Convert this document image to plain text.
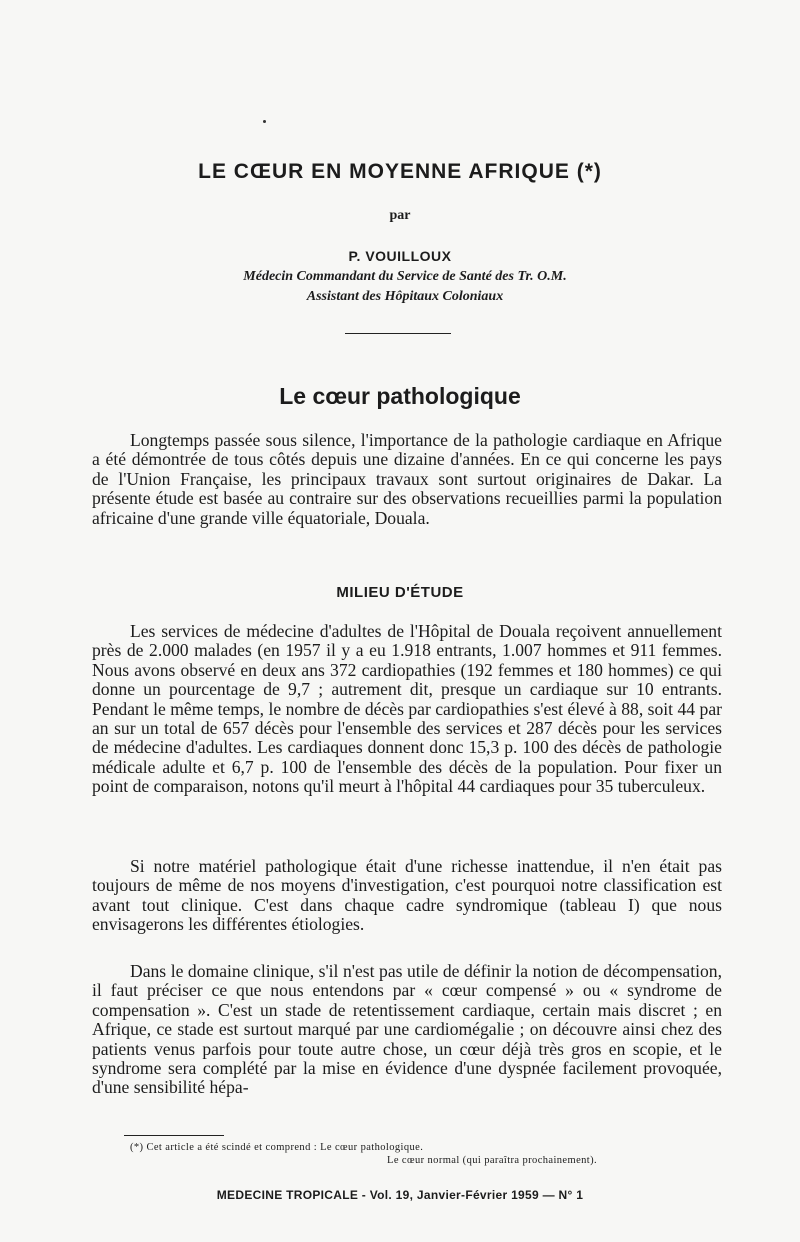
LE CŒUR EN MOYENNE AFRIQUE (*)
par
P. VOUILLOUX
Médecin Commandant du Service de Santé des Tr. O.M.
Assistant des Hôpitaux Coloniaux
Le cœur pathologique

Longtemps passée sous silence, l'importance de la pathologie cardiaque en Afrique a été démontrée de tous côtés depuis une dizaine d'années. En ce qui concerne les pays de l'Union Française, les principaux travaux sont surtout originaires de Dakar. La présente étude est basée au contraire sur des observations recueillies parmi la population africaine d'une grande ville équatoriale, Douala.

MILIEU D'ÉTUDE

Les services de médecine d'adultes de l'Hôpital de Douala reçoivent annuellement près de 2.000 malades (en 1957 il y a eu 1.918 entrants, 1.007 hommes et 911 femmes. Nous avons observé en deux ans 372 cardiopathies (192 femmes et 180 hommes) ce qui donne un pourcentage de 9,7 ; autrement dit, presque un cardiaque sur 10 entrants. Pendant le même temps, le nombre de décès par cardiopathies s'est élevé à 88, soit 44 par an sur un total de 657 décès pour l'ensemble des services et 287 décès pour les services de médecine d'adultes. Les cardiaques donnent donc 15,3 p. 100 des décès de pathologie médicale adulte et 6,7 p. 100 de l'ensemble des décès de la population. Pour fixer un point de comparaison, notons qu'il meurt à l'hôpital 44 cardiaques pour 35 tuberculeux.

Si notre matériel pathologique était d'une richesse inattendue, il n'en était pas toujours de même de nos moyens d'investigation, c'est pourquoi notre classification est avant tout clinique. C'est dans chaque cadre syndromique (tableau I) que nous envisagerons les différentes étiologies.

Dans le domaine clinique, s'il n'est pas utile de définir la notion de décompensation, il faut préciser ce que nous entendons par « cœur compensé » ou « syndrome de compensation ». C'est un stade de retentissement cardiaque, certain mais discret ; en Afrique, ce stade est surtout marqué par une cardiomégalie ; on découvre ainsi chez des patients venus parfois pour toute autre chose, un cœur déjà très gros en scopie, et le syndrome sera complété par la mise en évidence d'une dyspnée facilement provoquée, d'une sensibilité hépa-

(*) Cet article a été scindé et comprend : Le cœur pathologique.
Le cœur normal (qui paraîtra prochainement).
MEDECINE TROPICALE - Vol. 19, Janvier-Février 1959 — N° 1
